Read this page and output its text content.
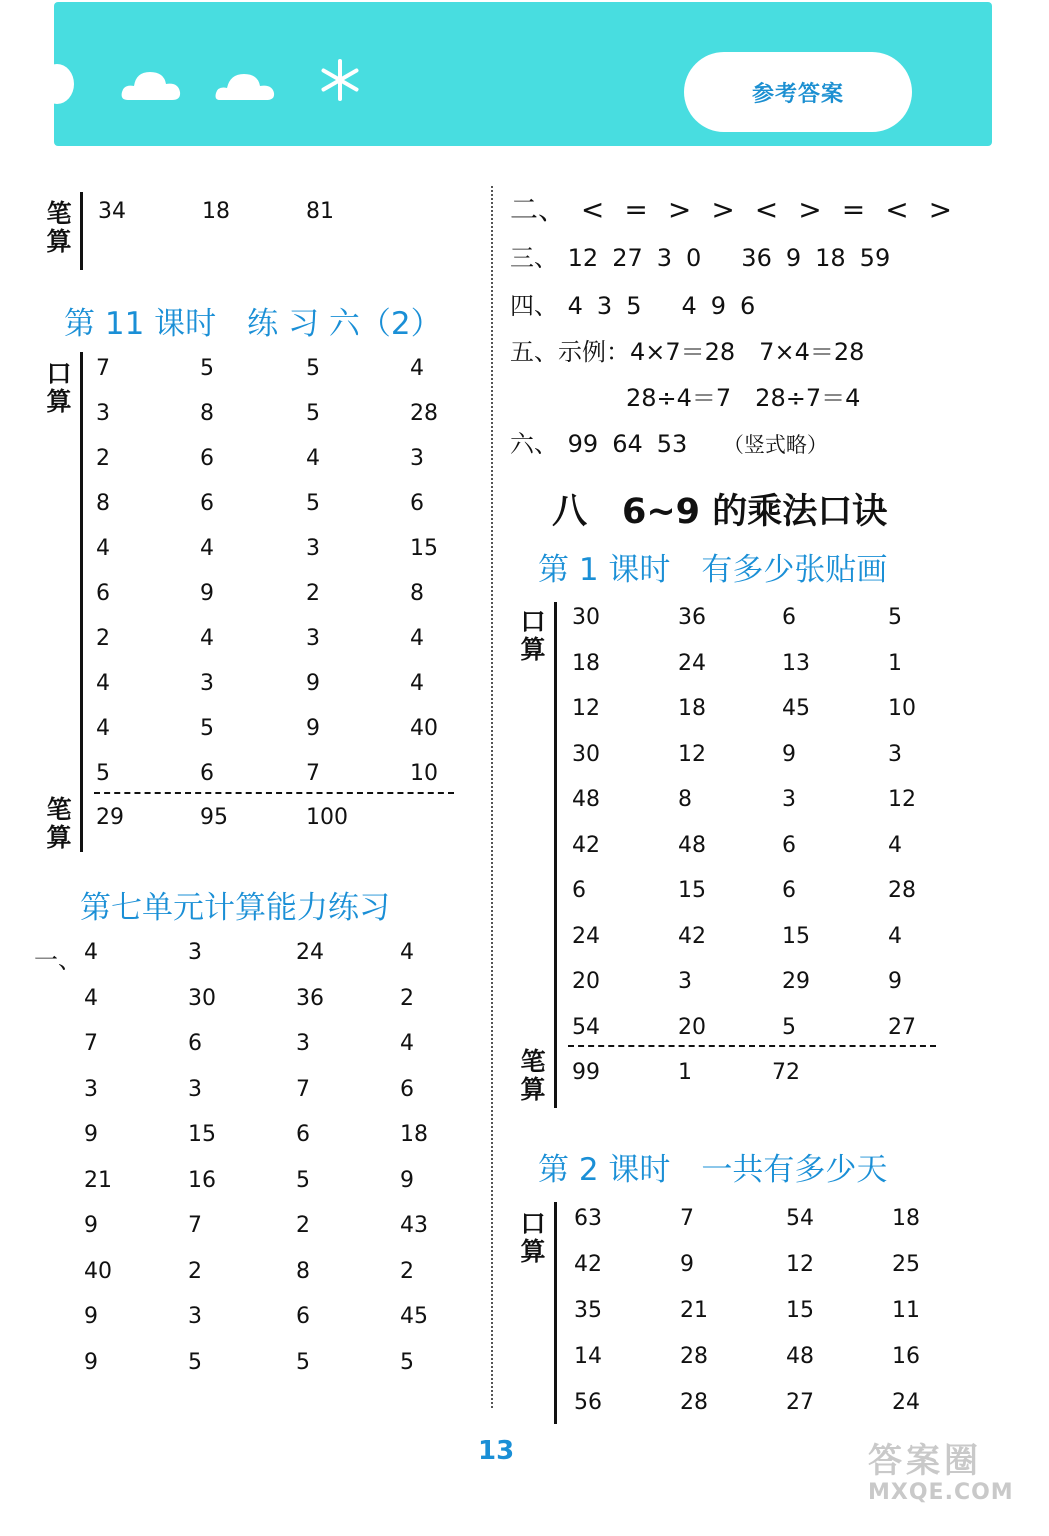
参考答案
笔算
34	18	81
第 11 课时　练 习 六（2）
口算
7	5	5	4
3	8	5	28
2	6	4	3
8	6	5	6
4	4	3	15
6	9	2	8
2	4	3	4
4	3	9	4
4	5	9	40
5	6	7	10
笔算
29	95	100
第七单元计算能力练习
一、 4	3	24	4
4	30	36	2
7	6	3	4
3	3	7	6
9	15	6	18
21	16	5	9
9	7	2	43
40	2	8	2
9	3	6	45
9	5	5	5
二、 < = > > < > = < >
三、 12 27 3 0 36 9 18 59
四、 4 3 5 4 9 6
五、示例：4×7＝28　7×4＝28
28÷4＝7　28÷7＝4
六、 99 64 53 （竖式略）
八　6~9 的乘法口诀
第 1 课时　有多少张贴画
口算
30	36	6	5
18	24	13	1
12	18	45	10
30	12	9	3
48	8	3	12
42	48	6	4
6	15	6	28
24	42	15	4
20	3	29	9
54	20	5	27
笔算
99	1	72
第 2 课时　一共有多少天
口算
63	7	54	18
42	9	12	25
35	21	15	11
14	28	48	16
56	28	27	24
13	答案圈
MXQE.COM
